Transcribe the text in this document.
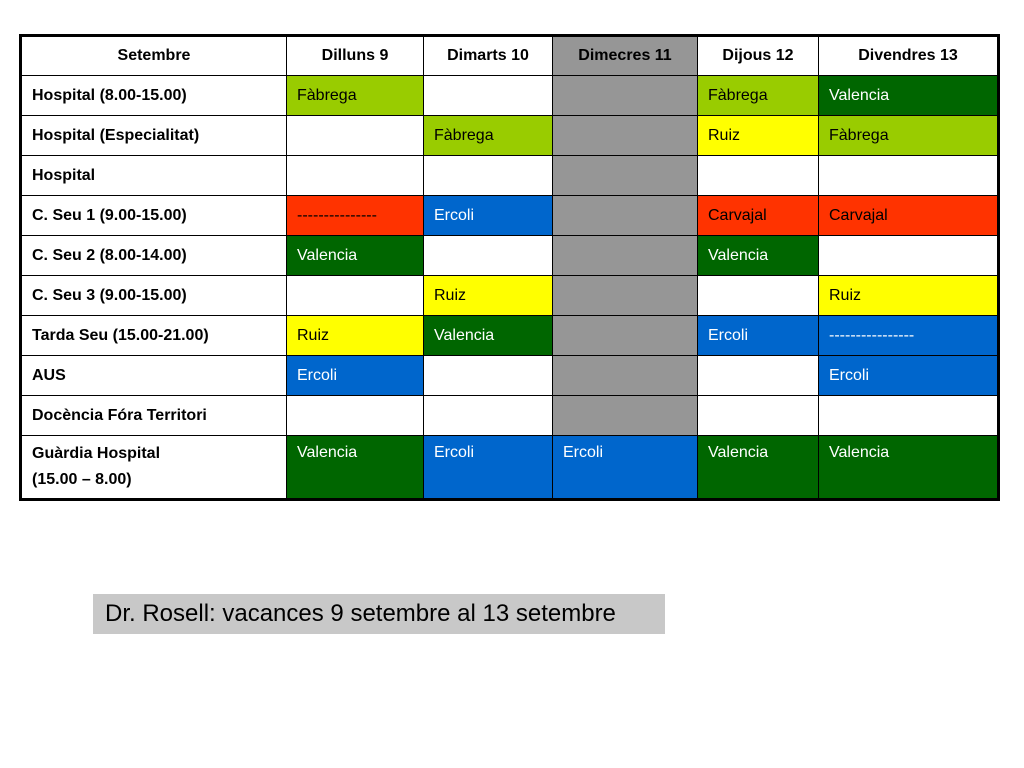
Setembre	Dilluns 9	Dimarts 10	Dimecres 11	Dijous 12	Divendres 13

Hospital (8.00-15.00)	Fàbrega			Fàbrega	Valencia

Hospital (Especialitat)		Fàbrega		Ruiz	Fàbrega

Hospital					

C. Seu 1 (9.00-15.00)	---------------	Ercoli		Carvajal	Carvajal

C. Seu 2 (8.00-14.00)	Valencia			Valencia	

C. Seu 3 (9.00-15.00)		Ruiz			Ruiz

Tarda Seu (15.00-21.00)	Ruiz	Valencia		Ercoli	----------------

AUS	Ercoli				Ercoli

Docència Fóra Territori					

Guàrdia Hospital
(15.00 – 8.00)	Valencia	Ercoli	Ercoli	Valencia	Valencia
Dr. Rosell: vacances 9 setembre al 13 setembre
